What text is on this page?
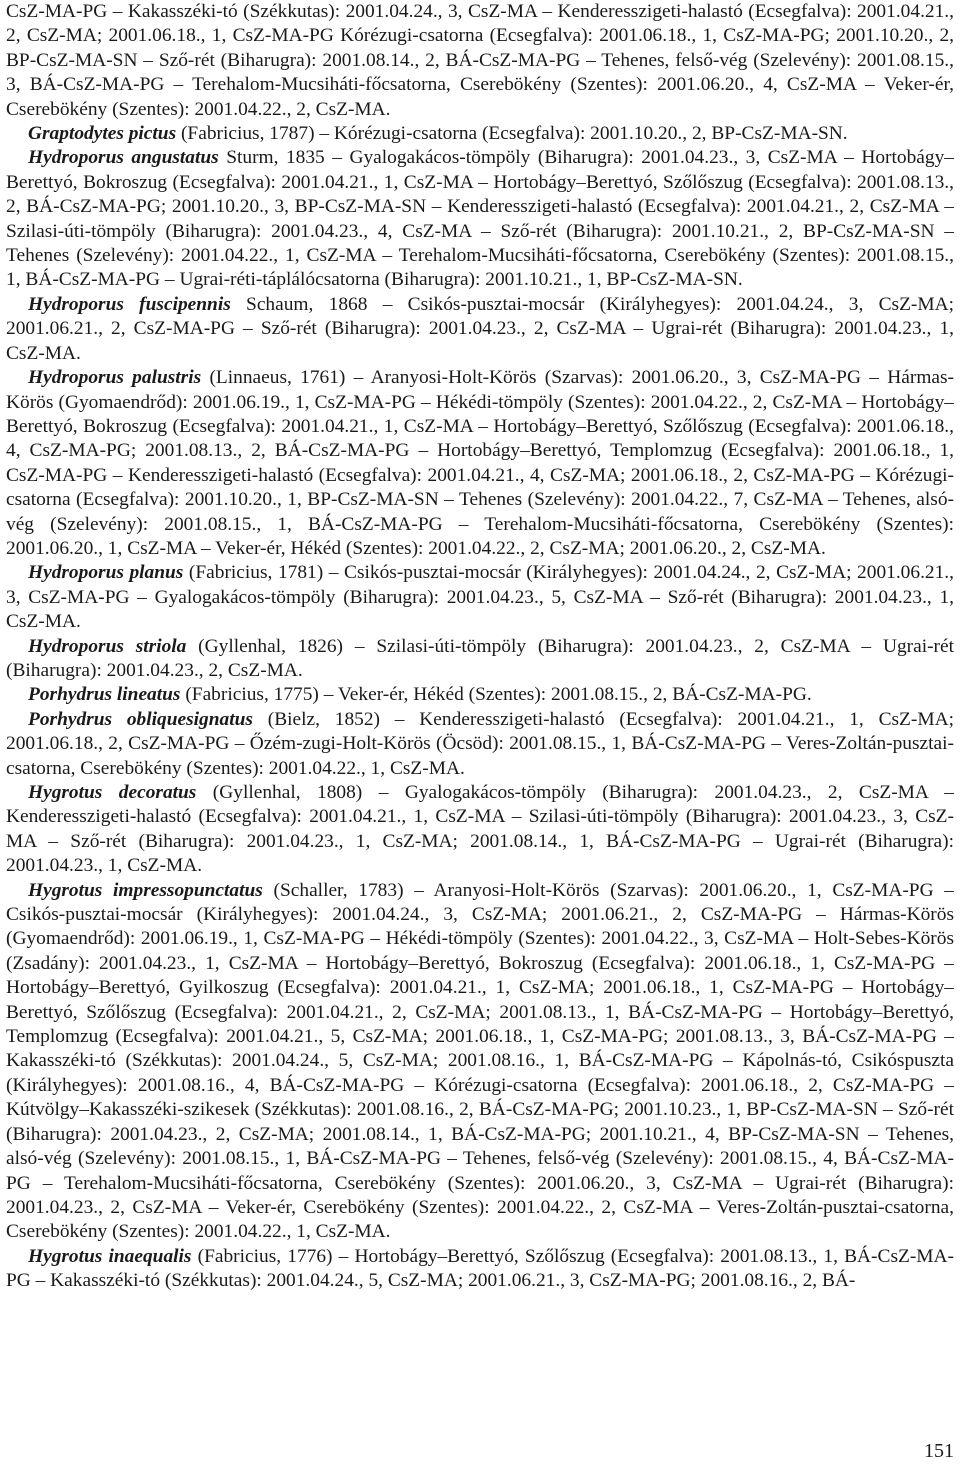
CsZ-MA-PG – Kakasszéki-tó (Székkutas): 2001.04.24., 3, CsZ-MA – Kenderesszigeti-halastó (Ecsegfalva): 2001.04.21., 2, CsZ-MA; 2001.06.18., 1, CsZ-MA-PG Kórézugi-csatorna (Ecsegfalva): 2001.06.18., 1, CsZ-MA-PG; 2001.10.20., 2, BP-CsZ-MA-SN – Sző-rét (Biharugra): 2001.08.14., 2, BÁ-CsZ-MA-PG – Tehenes, felső-vég (Szelevény): 2001.08.15., 3, BÁ-CsZ-MA-PG – Terehalom-Mucsiháti-főcsatorna, Cserebökény (Szentes): 2001.06.20., 4, CsZ-MA – Veker-ér, Cserebökény (Szentes): 2001.04.22., 2, CsZ-MA.

Graptodytes pictus (Fabricius, 1787) – Kórézugi-csatorna (Ecsegfalva): 2001.10.20., 2, BP-CsZ-MA-SN.

Hydroporus angustatus Sturm, 1835 – Gyalogakácos-tömpöly (Biharugra): 2001.04.23., 3, CsZ-MA – Hortobágy–Berettyó, Bokroszug (Ecsegfalva): 2001.04.21., 1, CsZ-MA – Hortobágy–Berettyó, Szőlőszug (Ecsegfalva): 2001.08.13., 2, BÁ-CsZ-MA-PG; 2001.10.20., 3, BP-CsZ-MA-SN – Kenderesszigeti-halastó (Ecsegfalva): 2001.04.21., 2, CsZ-MA – Szilasi-úti-tömpöly (Biharugra): 2001.04.23., 4, CsZ-MA – Sző-rét (Biharugra): 2001.10.21., 2, BP-CsZ-MA-SN – Tehenes (Szelevény): 2001.04.22., 1, CsZ-MA – Terehalom-Mucsiháti-főcsatorna, Cserebökény (Szentes): 2001.08.15., 1, BÁ-CsZ-MA-PG – Ugrai-réti-táplálócsatorna (Biharugra): 2001.10.21., 1, BP-CsZ-MA-SN.

Hydroporus fuscipennis Schaum, 1868 – Csikós-pusztai-mocsár (Királyhegyes): 2001.04.24., 3, CsZ-MA; 2001.06.21., 2, CsZ-MA-PG – Sző-rét (Biharugra): 2001.04.23., 2, CsZ-MA – Ugrai-rét (Biharugra): 2001.04.23., 1, CsZ-MA.

Hydroporus palustris (Linnaeus, 1761) – Aranyosi-Holt-Körös (Szarvas): 2001.06.20., 3, CsZ-MA-PG – Hármas-Körös (Gyomaendrőd): 2001.06.19., 1, CsZ-MA-PG – Hékédi-tömpöly (Szentes): 2001.04.22., 2, CsZ-MA – Hortobágy–Berettyó, Bokroszug (Ecsegfalva): 2001.04.21., 1, CsZ-MA – Hortobágy–Berettyó, Szőlőszug (Ecsegfalva): 2001.06.18., 4, CsZ-MA-PG; 2001.08.13., 2, BÁ-CsZ-MA-PG – Hortobágy–Berettyó, Templomzug (Ecsegfalva): 2001.06.18., 1, CsZ-MA-PG – Kenderesszigeti-halastó (Ecsegfalva): 2001.04.21., 4, CsZ-MA; 2001.06.18., 2, CsZ-MA-PG – Kórézugi-csatorna (Ecsegfalva): 2001.10.20., 1, BP-CsZ-MA-SN – Tehenes (Szelevény): 2001.04.22., 7, CsZ-MA – Tehenes, alsó-vég (Szelevény): 2001.08.15., 1, BÁ-CsZ-MA-PG – Terehalom-Mucsiháti-főcsatorna, Cserebökény (Szentes): 2001.06.20., 1, CsZ-MA – Veker-ér, Hékéd (Szentes): 2001.04.22., 2, CsZ-MA; 2001.06.20., 2, CsZ-MA.

Hydroporus planus (Fabricius, 1781) – Csikós-pusztai-mocsár (Királyhegyes): 2001.04.24., 2, CsZ-MA; 2001.06.21., 3, CsZ-MA-PG – Gyalogakácos-tömpöly (Biharugra): 2001.04.23., 5, CsZ-MA – Sző-rét (Biharugra): 2001.04.23., 1, CsZ-MA.

Hydroporus striola (Gyllenhal, 1826) – Szilasi-úti-tömpöly (Biharugra): 2001.04.23., 2, CsZ-MA – Ugrai-rét (Biharugra): 2001.04.23., 2, CsZ-MA.

Porhydrus lineatus (Fabricius, 1775) – Veker-ér, Hékéd (Szentes): 2001.08.15., 2, BÁ-CsZ-MA-PG.

Porhydrus obliquesignatus (Bielz, 1852) – Kenderesszigeti-halastó (Ecsegfalva): 2001.04.21., 1, CsZ-MA; 2001.06.18., 2, CsZ-MA-PG – Őzém-zugi-Holt-Körös (Öcsöd): 2001.08.15., 1, BÁ-CsZ-MA-PG – Veres-Zoltán-pusztai-csatorna, Cserebökény (Szentes): 2001.04.22., 1, CsZ-MA.

Hygrotus decoratus (Gyllenhal, 1808) – Gyalogakácos-tömpöly (Biharugra): 2001.04.23., 2, CsZ-MA – Kenderesszigeti-halastó (Ecsegfalva): 2001.04.21., 1, CsZ-MA – Szilasi-úti-tömpöly (Biharugra): 2001.04.23., 3, CsZ-MA – Sző-rét (Biharugra): 2001.04.23., 1, CsZ-MA; 2001.08.14., 1, BÁ-CsZ-MA-PG – Ugrai-rét (Biharugra): 2001.04.23., 1, CsZ-MA.

Hygrotus impressopunctatus (Schaller, 1783) – Aranyosi-Holt-Körös (Szarvas): 2001.06.20., 1, CsZ-MA-PG – Csikós-pusztai-mocsár (Királyhegyes): 2001.04.24., 3, CsZ-MA; 2001.06.21., 2, CsZ-MA-PG – Hármas-Körös (Gyomaendrőd): 2001.06.19., 1, CsZ-MA-PG – Hékédi-tömpöly (Szentes): 2001.04.22., 3, CsZ-MA – Holt-Sebes-Körös (Zsadány): 2001.04.23., 1, CsZ-MA – Hortobágy–Berettyó, Bokroszug (Ecsegfalva): 2001.06.18., 1, CsZ-MA-PG – Hortobágy–Berettyó, Gyilkoszug (Ecsegfalva): 2001.04.21., 1, CsZ-MA; 2001.06.18., 1, CsZ-MA-PG – Hortobágy–Berettyó, Szőlőszug (Ecsegfalva): 2001.04.21., 2, CsZ-MA; 2001.08.13., 1, BÁ-CsZ-MA-PG – Hortobágy–Berettyó, Templomzug (Ecsegfalva): 2001.04.21., 5, CsZ-MA; 2001.06.18., 1, CsZ-MA-PG; 2001.08.13., 3, BÁ-CsZ-MA-PG – Kakasszéki-tó (Székkutas): 2001.04.24., 5, CsZ-MA; 2001.08.16., 1, BÁ-CsZ-MA-PG – Kápolnás-tó, Csikóspuszta (Királyhegyes): 2001.08.16., 4, BÁ-CsZ-MA-PG – Kórézugi-csatorna (Ecsegfalva): 2001.06.18., 2, CsZ-MA-PG – Kútvölgy–Kakasszéki-szikesek (Székkutas): 2001.08.16., 2, BÁ-CsZ-MA-PG; 2001.10.23., 1, BP-CsZ-MA-SN – Sző-rét (Biharugra): 2001.04.23., 2, CsZ-MA; 2001.08.14., 1, BÁ-CsZ-MA-PG; 2001.10.21., 4, BP-CsZ-MA-SN – Tehenes, alsó-vég (Szelevény): 2001.08.15., 1, BÁ-CsZ-MA-PG – Tehenes, felső-vég (Szelevény): 2001.08.15., 4, BÁ-CsZ-MA-PG – Terehalom-Mucsiháti-főcsatorna, Cserebökény (Szentes): 2001.06.20., 3, CsZ-MA – Ugrai-rét (Biharugra): 2001.04.23., 2, CsZ-MA – Veker-ér, Cserebökény (Szentes): 2001.04.22., 2, CsZ-MA – Veres-Zoltán-pusztai-csatorna, Cserebökény (Szentes): 2001.04.22., 1, CsZ-MA.

Hygrotus inaequalis (Fabricius, 1776) – Hortobágy–Berettyó, Szőlőszug (Ecsegfalva): 2001.08.13., 1, BÁ-CsZ-MA-PG – Kakasszéki-tó (Székkutas): 2001.04.24., 5, CsZ-MA; 2001.06.21., 3, CsZ-MA-PG; 2001.08.16., 2, BÁ-

151
